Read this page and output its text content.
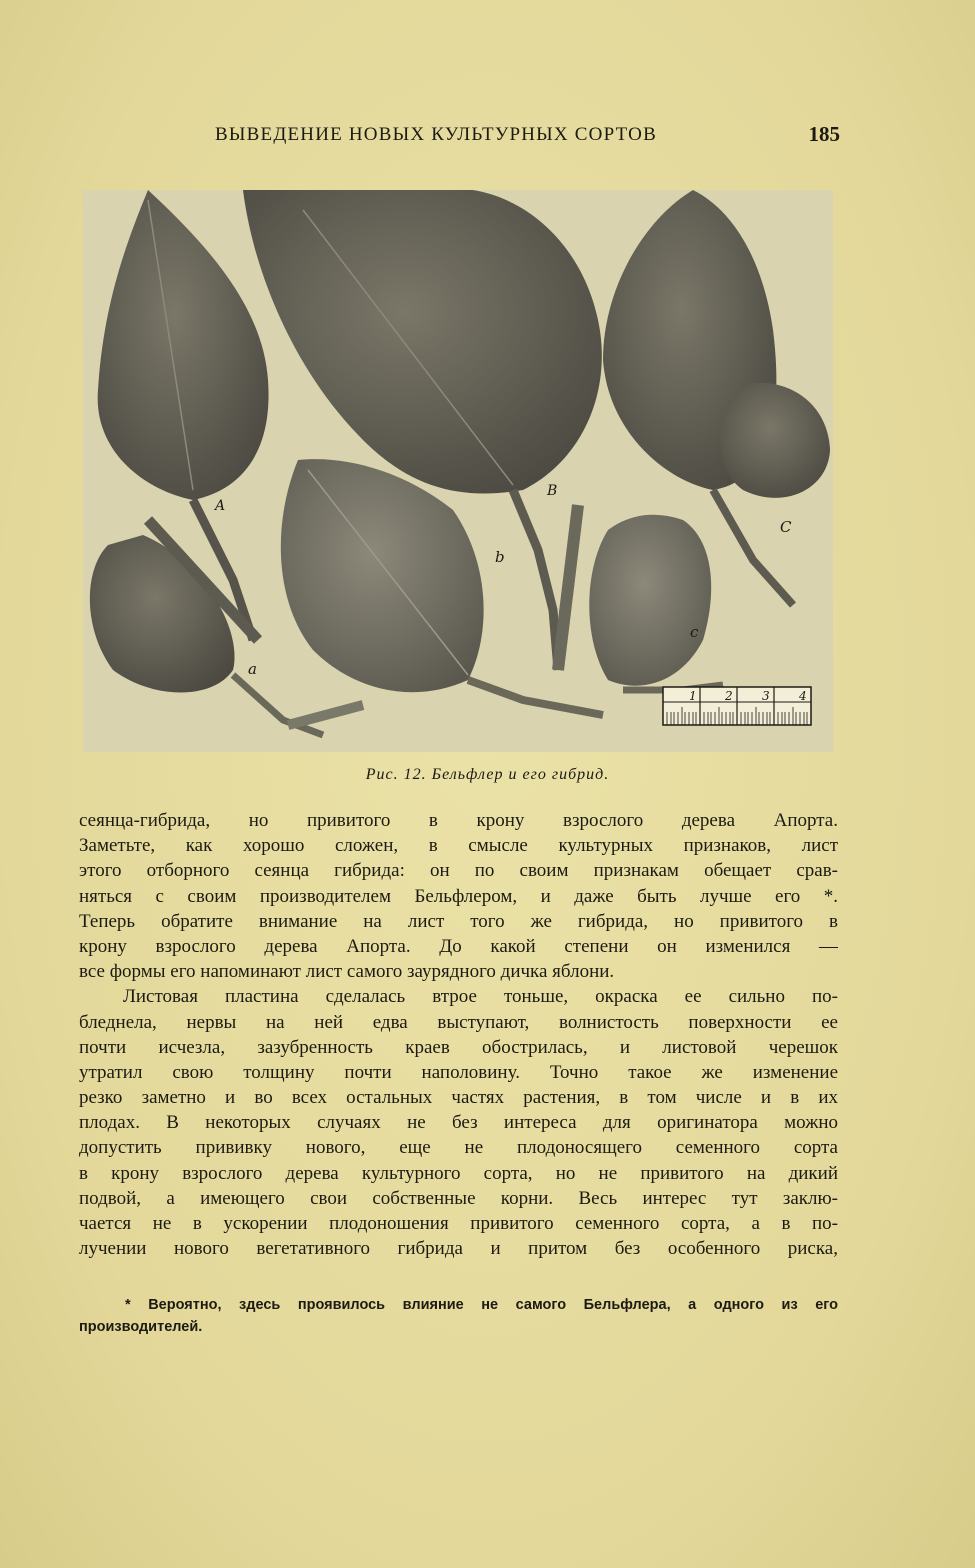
ВЫВЕДЕНИЕ НОВЫХ КУЛЬТУРНЫХ СОРТОВ	185
A
B
C
a
b
c
1 2 3 4
Рис. 12. Бельфлер и его гибрид.
сеянца-гибрида, но привитого в крону взрослого дерева Апорта.
Заметьте, как хорошо сложен, в смысле культурных признаков, лист
этого отборного сеянца гибрида: он по своим признакам обещает срав-
няться с своим производителем Бельфлером, и даже быть лучше его *.
Теперь обратите внимание на лист того же гибрида, но привитого в
крону взрослого дерева Апорта. До какой степени он изменился —
все формы его напоминают лист самого заурядного дичка яблони.
Листовая пластина сделалась втрое тоньше, окраска ее сильно по-
бледнела, нервы на ней едва выступают, волнистость поверхности ее
почти исчезла, зазубренность краев обострилась, и листовой черешок
утратил свою толщину почти наполовину. Точно такое же изменение
резко заметно и во всех остальных частях растения, в том числе и в их
плодах. В некоторых случаях не без интереса для оригинатора можно
допустить прививку нового, еще не плодоносящего семенного сорта
в крону взрослого дерева культурного сорта, но не привитого на дикий
подвой, а имеющего свои собственные корни. Весь интерес тут заклю-
чается не в ускорении плодоношения привитого семенного сорта, а в по-
лучении нового вегетативного гибрида и притом без особенного риска,
* Вероятно, здесь проявилось влияние не самого Бельфлера, а одного из его
производителей.
